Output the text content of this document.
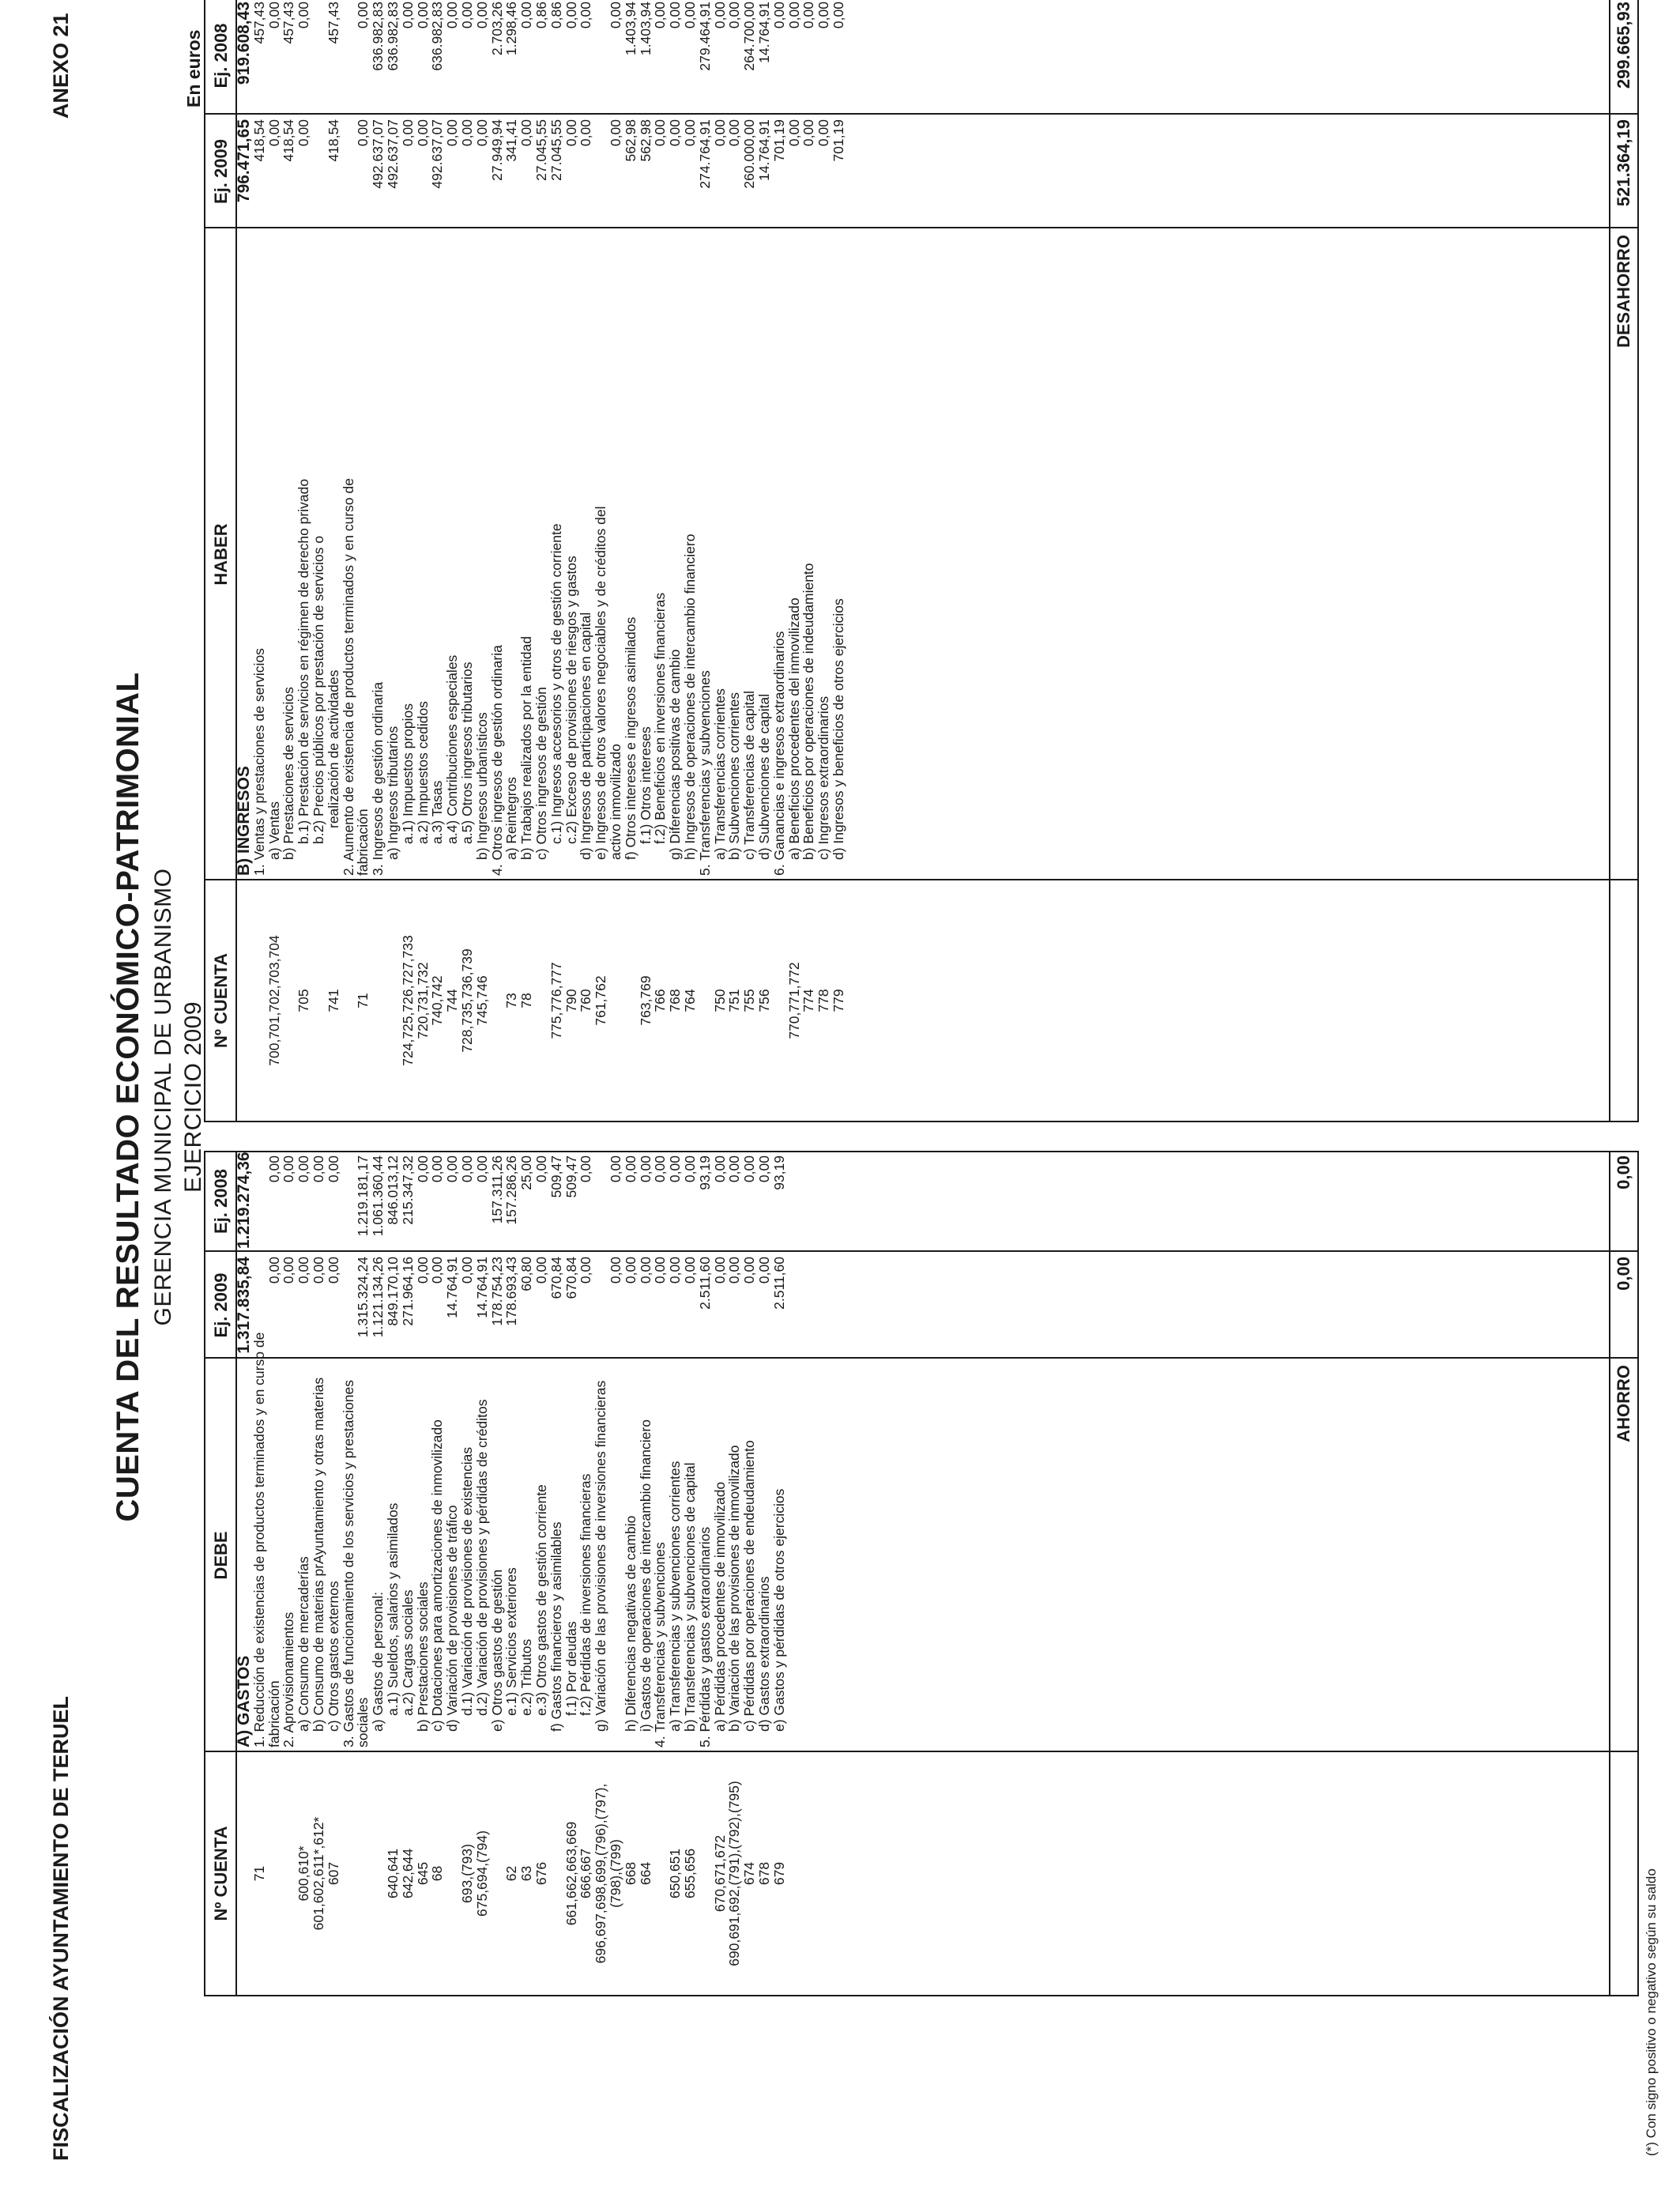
FISCALIZACIÓN AYUNTAMIENTO DE TERUEL
ANEXO 21
CUENTA DEL RESULTADO ECONÓMICO-PATRIMONIAL GERENCIA MUNICIPAL DE URBANISMO EJERCICIO 2009
En euros
Nº CUENTA
DEBE
Ej. 2009
Ej. 2008
A) GASTOS
1.317.835,84
1.219.274,36
71
1. Reducción de existencias de productos terminados y en curso de
fabricación
0,00
0,00
2. Aprovisionamientos
0,00
0,00
600,610*
a) Consumo de mercaderías
0,00
0,00
601,602,611*,612*
b) Consumo de materias prAyuntamiento y otras materias
0,00
0,00
607
c) Otros gastos externos
0,00
0,00
3. Gastos de funcionamiento de los servicios y prestaciones
sociales
1.315.324,24
1.219.181,17
a) Gastos de personal:
1.121.134,26
1.061.360,44
640,641
a.1) Sueldos, salarios y asimilados
849.170,10
846.013,12
642,644
a.2) Cargas sociales
271.964,16
215.347,32
645
b) Prestaciones sociales
0,00
0,00
68
c) Dotaciones para amortizaciones de inmovilizado
0,00
0,00
d) Variación de provisiones de tráfico
14.764,91
0,00
693,(793)
d.1) Variación de provisiones de existencias
0,00
0,00
675,694,(794)
d.2) Variación de provisiones y pérdidas de créditos
14.764,91
0,00
e) Otros gastos de gestión
178.754,23
157.311,26
62
e.1) Servicios exteriores
178.693,43
157.286,26
63
e.2) Tributos
60,80
25,00
676
e.3) Otros gastos de gestión corriente
0,00
0,00
f) Gastos financieros y asimilables
670,84
509,47
661,662,663,669
f.1) Por deudas
670,84
509,47
666,667
f.2) Pérdidas de inversiones financieras
0,00
0,00
696,697,698,699,(796),(797),
g) Variación de las provisiones de inversiones financieras
(798),(799)
0,00
0,00
668
h) Diferencias negativas de cambio
0,00
0,00
664
i) Gastos de operaciones de intercambio financiero
0,00
0,00
4. Transferencias y subvenciones
0,00
0,00
650,651
a) Transferencias y subvenciones corrientes
0,00
0,00
655,656
b) Transferencias y subvenciones de capital
0,00
0,00
5. Pérdidas y gastos extraordinarios
2.511,60
93,19
670,671,672
a) Pérdidas procedentes de inmovilizado
0,00
0,00
690,691,692,(791),(792),(795)
b) Variación de las provisiones de inmovilizado
0,00
0,00
674
c) Pérdidas por operaciones de endeudamiento
0,00
0,00
678
d) Gastos extraordinarios
0,00
0,00
679
e) Gastos y pérdidas de otros ejercicios
2.511,60
93,19
AHORRO
0,00
0,00
Nº CUENTA
HABER
Ej. 2009
Ej. 2008
B) INGRESOS
796.471,65
919.608,43
1. Ventas y prestaciones de servicios
418,54
457,43
700,701,702,703,704
a) Ventas
0,00
0,00
b) Prestaciones de servicios
418,54
457,43
705
b.1) Prestación de servicios en régimen de derecho privado
0,00
0,00
b.2) Precios públicos por prestación de servicios o
741
realización de actividades
418,54
457,43
2. Aumento de existencia de productos terminados y en curso de
71
fabricación
0,00
0,00
3. Ingresos de gestión ordinaria
492.637,07
636.982,83
a) Ingresos tributarios
492.637,07
636.982,83
724,725,726,727,733
a.1) Impuestos propios
0,00
0,00
720,731,732
a.2) Impuestos cedidos
0,00
0,00
740,742
a.3) Tasas
492.637,07
636.982,83
744
a.4) Contribuciones especiales
0,00
0,00
728,735,736,739
a.5) Otros ingresos tributarios
0,00
0,00
745,746
b) Ingresos urbanísticos
0,00
0,00
4. Otros ingresos de gestión ordinaria
27.949,94
2.703,26
73
a) Reintegros
341,41
1.298,46
78
b) Trabajos realizados por la entidad
0,00
0,00
c) Otros ingresos de gestión
27.045,55
0,86
775,776,777
c.1) Ingresos accesorios y otros de gestión corriente
27.045,55
0,86
790
c.2) Exceso de provisiones de riesgos y gastos
0,00
0,00
760
d) Ingresos de participaciones en capital
0,00
0,00
761,762
e) Ingresos de otros valores negociables y de créditos del
activo inmovilizado
0,00
0,00
f) Otros intereses e ingresos asimilados
562,98
1.403,94
763,769
f.1) Otros intereses
562,98
1.403,94
766
f.2) Beneficios en inversiones financieras
0,00
0,00
768
g) Diferencias positivas de cambio
0,00
0,00
764
h) Ingresos de operaciones de intercambio financiero
0,00
0,00
5. Transferencias y subvenciones
274.764,91
279.464,91
750
a) Transferencias corrientes
0,00
0,00
751
b) Subvenciones corrientes
0,00
0,00
755
c) Transferencias de capital
260.000,00
264.700,00
756
d) Subvenciones de capital
14.764,91
14.764,91
6. Ganancias e ingresos extraordinarios
701,19
0,00
770,771,772
a) Beneficios procedentes del inmovilizado
0,00
0,00
774
b) Beneficios por operaciones de indeudamiento
0,00
0,00
778
c) Ingresos extraordinarios
0,00
0,00
779
d) Ingresos y beneficios de otros ejercicios
701,19
0,00
DESAHORRO
521.364,19
299.665,93
(*) Con signo positivo o negativo según su saldo
